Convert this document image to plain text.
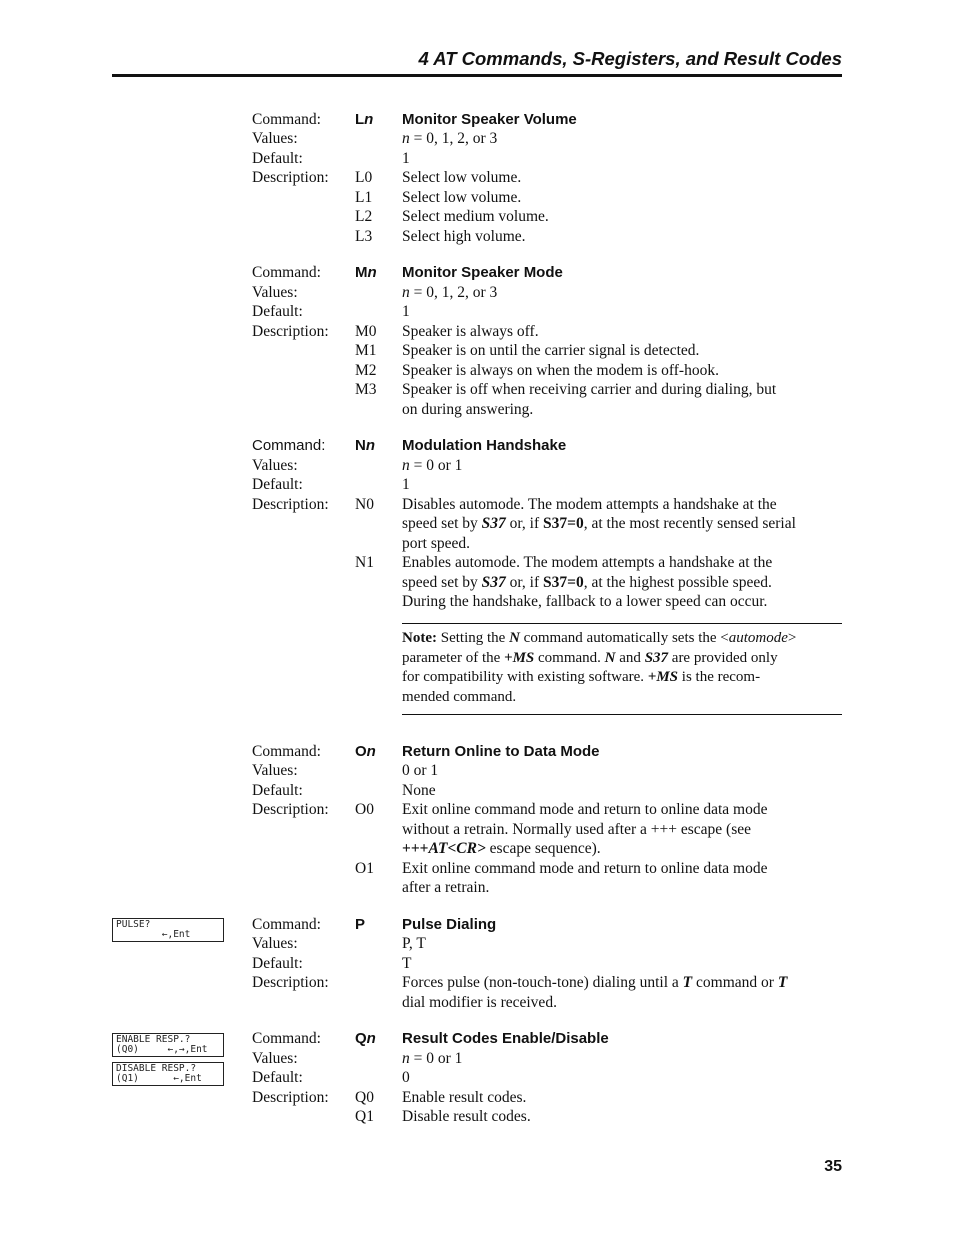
4 AT Commands, S-Registers, and Result Codes
Command: Ln Monitor Speaker Volume
Values:	n = 0, 1, 2, or 3
Default:	1
Description: L0 Select low volume.
L1 Select low volume.
L2 Select medium volume.
L3 Select high volume.
Command: Mn Monitor Speaker Mode
Values:	n = 0, 1, 2, or 3
Default:	1
Description: M0 Speaker is always off.
M1 Speaker is on until the carrier signal is detected.
M2 Speaker is always on when the modem is off-hook.
M3 Speaker is off when receiving carrier and during dialing, but
on during answering.
Command: Nn Modulation Handshake
Values:	n = 0 or 1
Default:	1
Description: N0 Disables automode. The modem attempts a handshake at the
speed set by S37 or, if S37=0, at the most recently sensed serial
port speed.
N1 Enables automode. The modem attempts a handshake at the
speed set by S37 or, if S37=0, at the highest possible speed.
During the handshake, fallback to a lower speed can occur.
Note: Setting the N command automatically sets the <automode>
parameter of the +MS command. N and S37 are provided only
for compatibility with existing software. +MS is the recom-
mended command.
Command: On Return Online to Data Mode
Values:	0 or 1
Default:	None
Description: O0 Exit online command mode and return to online data mode
without a retrain. Normally used after a +++ escape (see
+++AT<CR> escape sequence).
O1 Exit online command mode and return to online data mode
after a retrain.
PULSE?
←,Ent
Command: P Pulse Dialing
Values:	P, T
Default:	T
Description:	Forces pulse (non-touch-tone) dialing until a T command or T
dial modifier is received.
ENABLE RESP.?
(Q0)     ←,→,Ent
DISABLE RESP.?
(Q1)      ←,Ent
Command: Qn Result Codes Enable/Disable
Values:	n = 0 or 1
Default:	0
Description: Q0 Enable result codes.
Q1 Disable result codes.
35
